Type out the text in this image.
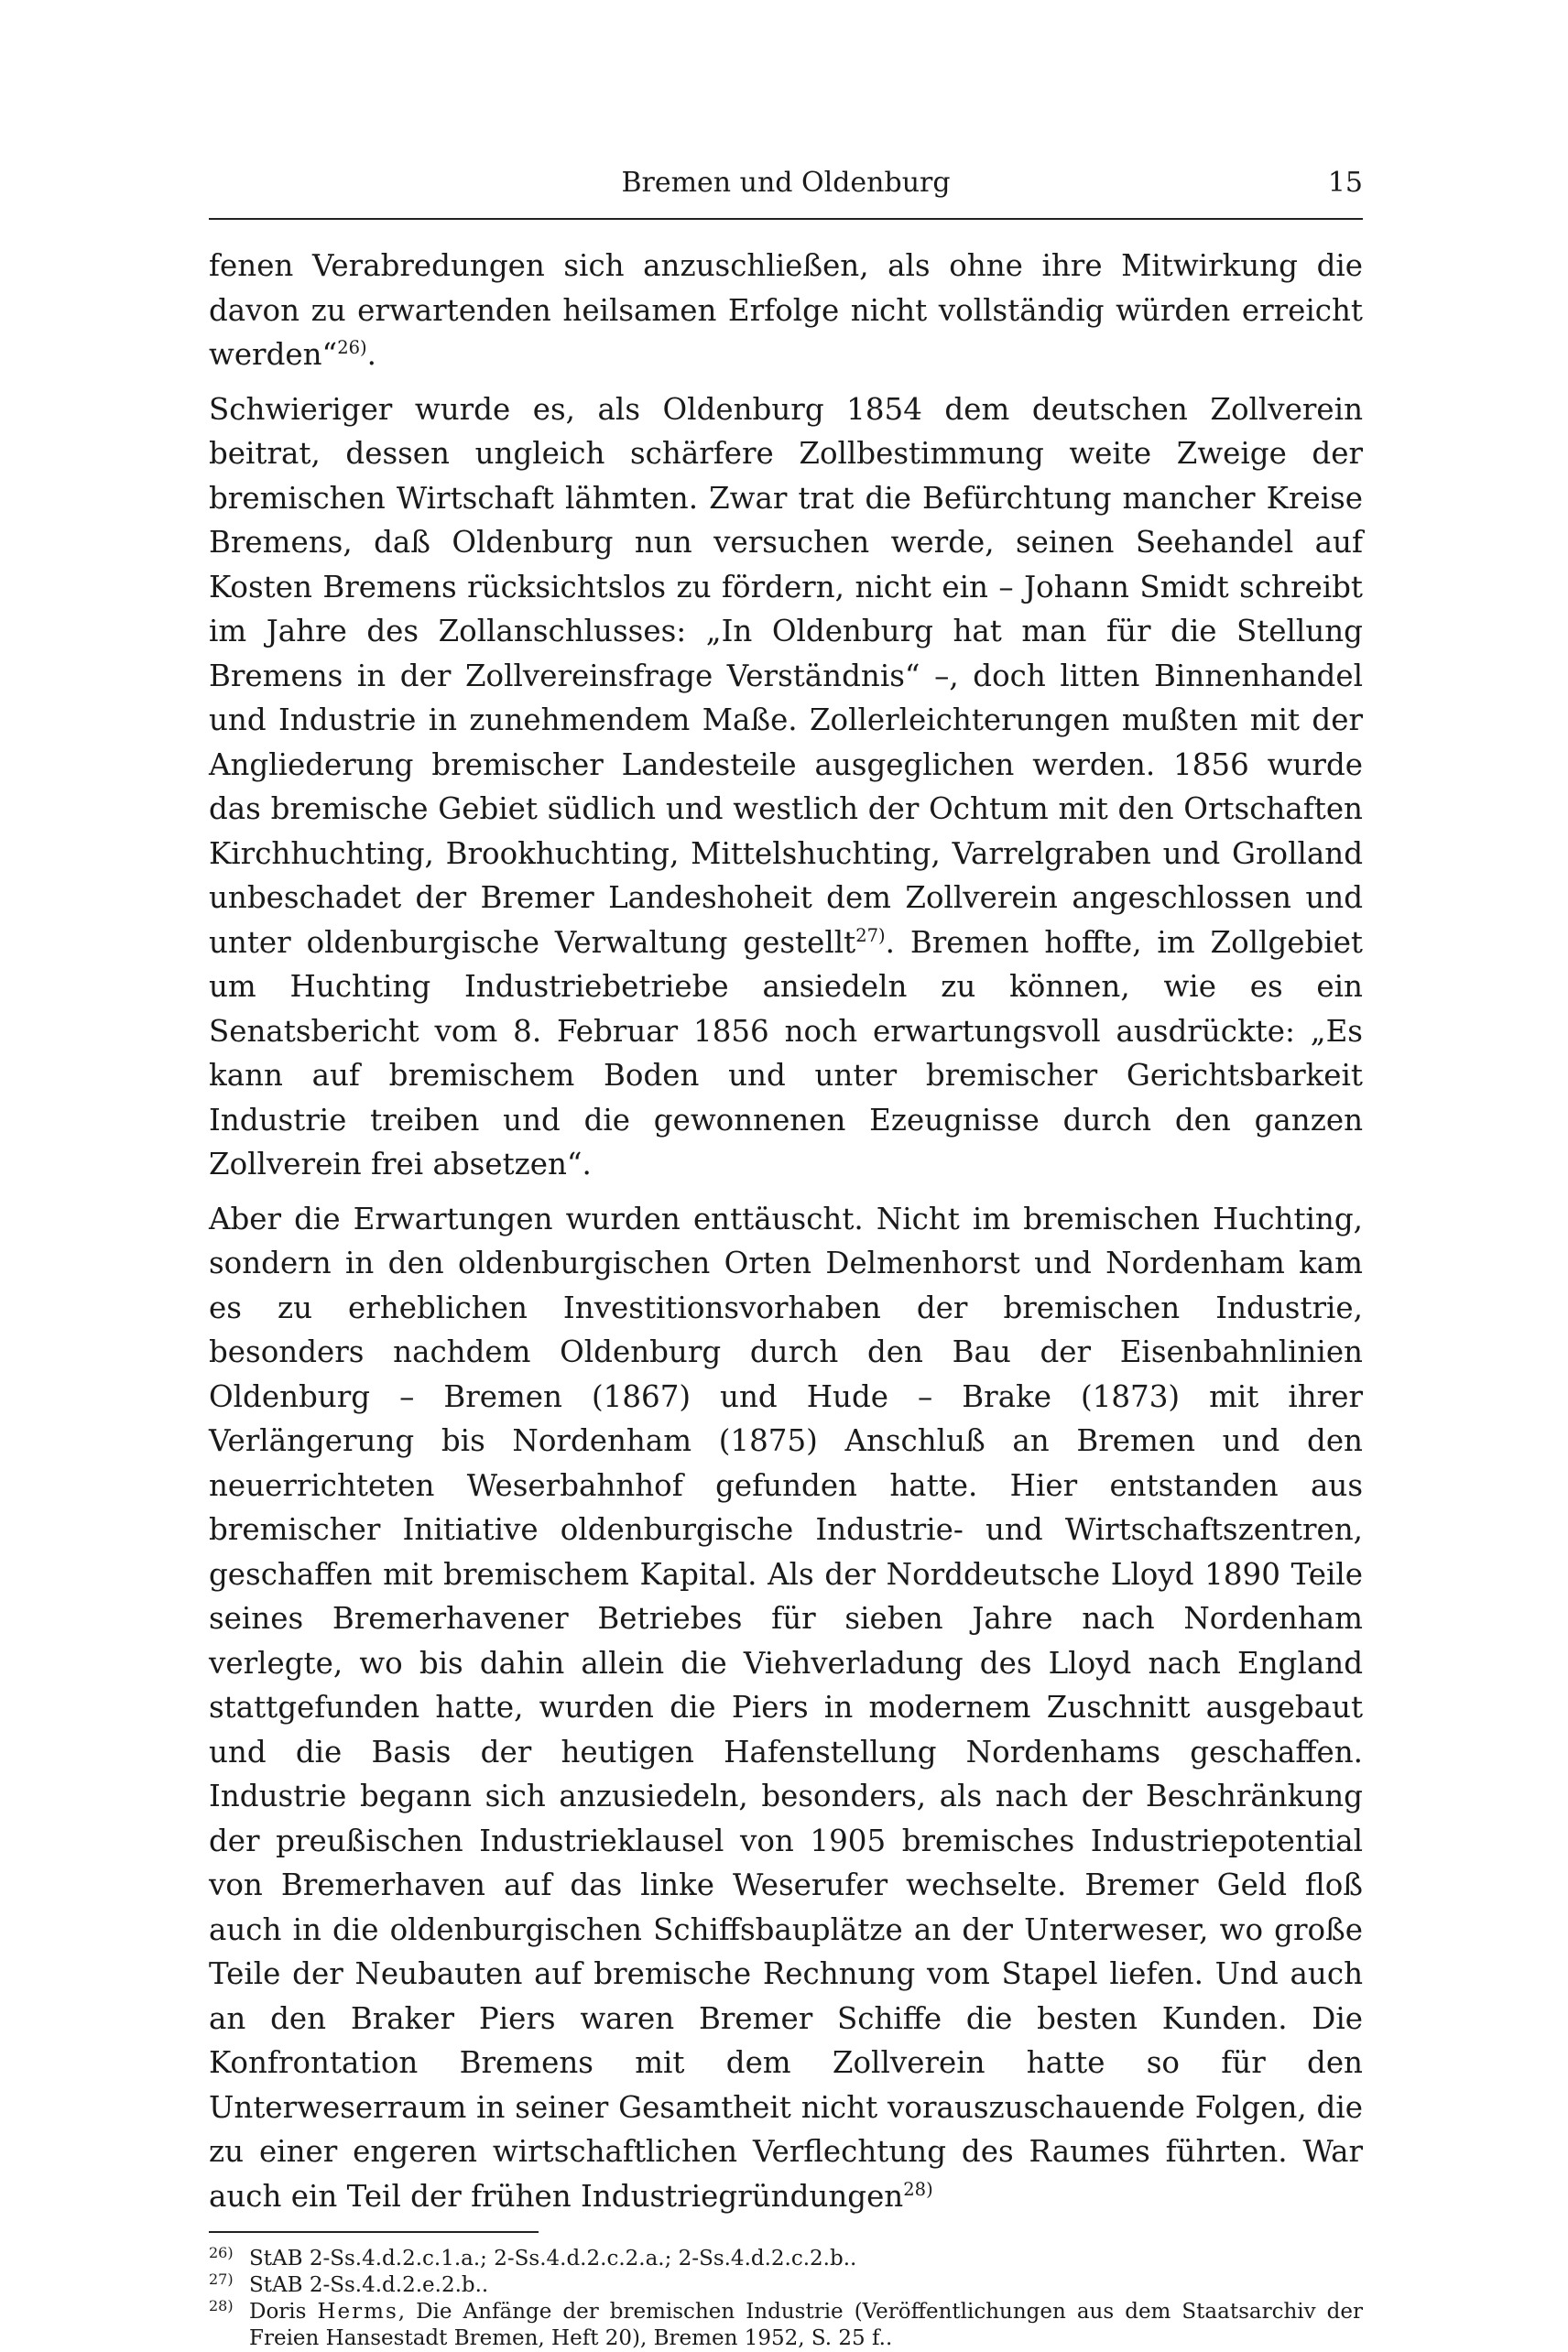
Bremen und Oldenburg	15

fenen Verabredungen sich anzuschließen, als ohne ihre Mitwirkung die davon zu erwartenden heilsamen Erfolge nicht vollständig würden erreicht werden“$^{26)}$.

Schwieriger wurde es, als Oldenburg 1854 dem deutschen Zollverein beitrat, dessen ungleich schärfere Zollbestimmung weite Zweige der bremischen Wirtschaft lähmten. Zwar trat die Befürchtung mancher Kreise Bremens, daß Oldenburg nun versuchen werde, seinen Seehandel auf Kosten Bremens rücksichtslos zu fördern, nicht ein – Johann Smidt schreibt im Jahre des Zollanschlusses: „In Oldenburg hat man für die Stellung Bremens in der Zollvereinsfrage Verständnis“ –, doch litten Binnenhandel und Industrie in zunehmendem Maße. Zollerleichterungen mußten mit der Angliederung bremischer Landesteile ausgeglichen werden. 1856 wurde das bremische Gebiet südlich und westlich der Ochtum mit den Ortschaften Kirchhuchting, Brookhuchting, Mittelshuchting, Varrelgraben und Grolland unbeschadet der Bremer Landeshoheit dem Zollverein angeschlossen und unter oldenburgische Verwaltung gestellt$^{27)}$. Bremen hoffte, im Zollgebiet um Huchting Industriebetriebe ansiedeln zu können, wie es ein Senatsbericht vom 8. Februar 1856 noch erwartungsvoll ausdrückte: „Es kann auf bremischem Boden und unter bremischer Gerichtsbarkeit Industrie treiben und die gewonnenen Ezeugnisse durch den ganzen Zollverein frei absetzen“.

Aber die Erwartungen wurden enttäuscht. Nicht im bremischen Huchting, sondern in den oldenburgischen Orten Delmenhorst und Nordenham kam es zu erheblichen Investitionsvorhaben der bremischen Industrie, besonders nachdem Oldenburg durch den Bau der Eisenbahnlinien Oldenburg – Bremen (1867) und Hude – Brake (1873) mit ihrer Verlängerung bis Nordenham (1875) Anschluß an Bremen und den neuerrichteten Weserbahnhof gefunden hatte. Hier entstanden aus bremischer Initiative oldenburgische Industrie- und Wirtschaftszentren, geschaffen mit bremischem Kapital. Als der Norddeutsche Lloyd 1890 Teile seines Bremerhavener Betriebes für sieben Jahre nach Nordenham verlegte, wo bis dahin allein die Viehverladung des Lloyd nach England stattgefunden hatte, wurden die Piers in modernem Zuschnitt ausgebaut und die Basis der heutigen Hafenstellung Nordenhams geschaffen. Industrie begann sich anzusiedeln, besonders, als nach der Beschränkung der preußischen Industrieklausel von 1905 bremisches Industriepotential von Bremerhaven auf das linke Weserufer wechselte. Bremer Geld floß auch in die oldenburgischen Schiffsbauplätze an der Unterweser, wo große Teile der Neubauten auf bremische Rechnung vom Stapel liefen. Und auch an den Braker Piers waren Bremer Schiffe die besten Kunden. Die Konfrontation Bremens mit dem Zollverein hatte so für den Unterweserraum in seiner Gesamtheit nicht vorauszuschauende Folgen, die zu einer engeren wirtschaftlichen Verflechtung des Raumes führten. War auch ein Teil der frühen Industriegründungen$^{28)}$

26) StAB 2-Ss.4.d.2.c.1.a.; 2-Ss.4.d.2.c.2.a.; 2-Ss.4.d.2.c.2.b..
27) StAB 2-Ss.4.d.2.e.2.b..
28) Doris Herms, Die Anfänge der bremischen Industrie (Veröffentlichungen aus dem Staatsarchiv der Freien Hansestadt Bremen, Heft 20), Bremen 1952, S. 25 f..
